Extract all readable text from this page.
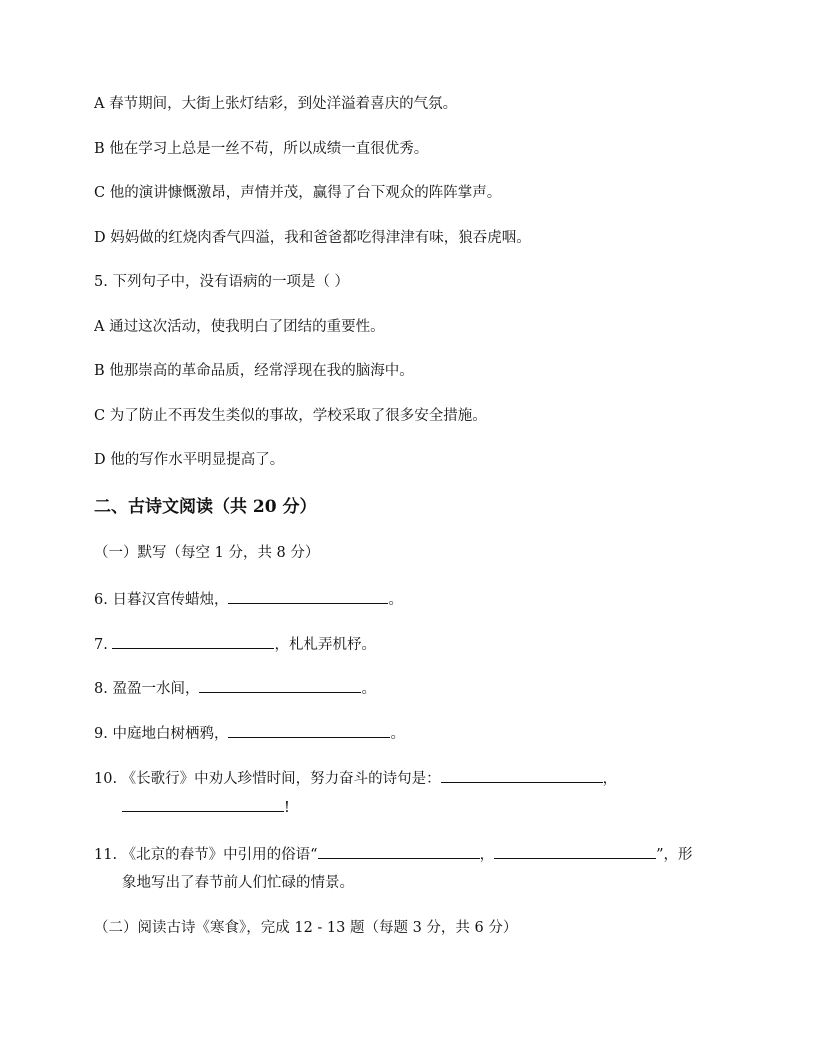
A 春节期间，大街上张灯结彩，到处洋溢着喜庆的气氛。
B 他在学习上总是一丝不苟，所以成绩一直很优秀。
C 他的演讲慷慨激昂，声情并茂，赢得了台下观众的阵阵掌声。
D 妈妈做的红烧肉香气四溢，我和爸爸都吃得津津有味，狼吞虎咽。
5. 下列句子中，没有语病的一项是（ ）
A 通过这次活动，使我明白了团结的重要性。
B 他那崇高的革命品质，经常浮现在我的脑海中。
C 为了防止不再发生类似的事故，学校采取了很多安全措施。
D 他的写作水平明显提高了。
二、古诗文阅读（共 20 分）
（一）默写（每空 1 分，共 8 分）
6. 日暮汉宫传蜡烛，	。
7.	，札札弄机杼。
8. 盈盈一水间，	。
9. 中庭地白树栖鸦，	。
10. 《长歌行》中劝人珍惜时间，努力奋斗的诗句是：	，
!
11. 《北京的春节》中引用的俗语“	，	”，形
象地写出了春节前人们忙碌的情景。
（二）阅读古诗《寒食》，完成 12 - 13 题（每题 3 分，共 6 分）
